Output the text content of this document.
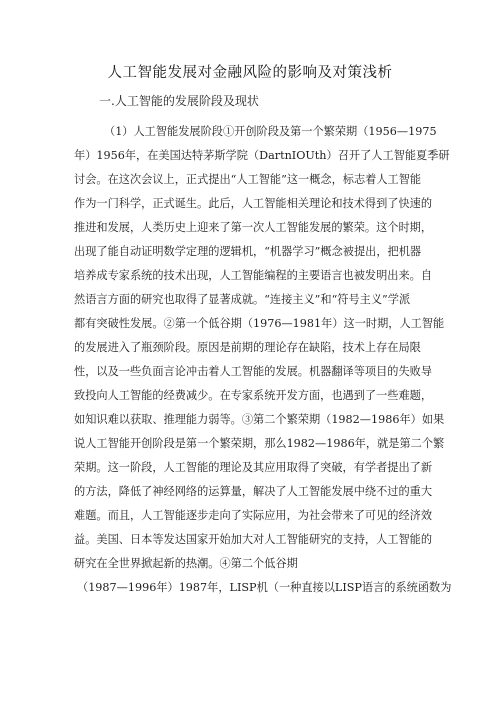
人工智能发展对金融风险的影响及对策浅析
一.人工智能的发展阶段及现状
（1）人工智能发展阶段①开创阶段及第一个繁荣期（1956—1975
年）1956年，在美国达特茅斯学院（DartnIOUth）召开了人工智能夏季研
讨会。在这次会议上，正式提出“人工智能”这一概念，标志着人工智能
作为一门科学，正式诞生。此后，人工智能相关理论和技术得到了快速的
推进和发展，人类历史上迎来了第一次人工智能发展的繁荣。这个时期，
出现了能自动证明数学定理的逻辑机，“机器学习”概念被提出，把机器
培养成专家系统的技术出现，人工智能编程的主要语言也被发明出来。自
然语言方面的研究也取得了显著成就。“连接主义”和“符号主义”学派
都有突破性发展。②第一个低谷期（1976—1981年）这一时期，人工智能
的发展进入了瓶颈阶段。原因是前期的理论存在缺陷，技术上存在局限
性，以及一些负面言论冲击着人工智能的发展。机器翻译等项目的失败导
致投向人工智能的经费减少。在专家系统开发方面，也遇到了一些难题，
如知识难以获取、推理能力弱等。③第二个繁荣期（1982—1986年）如果
说人工智能开创阶段是第一个繁荣期，那么1982—1986年，就是第二个繁
荣期。这一阶段，人工智能的理论及其应用取得了突破，有学者提出了新
的方法，降低了神经网络的运算量，解决了人工智能发展中绕不过的重大
难题。而且，人工智能逐步走向了实际应用，为社会带来了可见的经济效
益。美国、日本等发达国家开始加大对人工智能研究的支持，人工智能的
研究在全世界掀起新的热潮。④第二个低谷期
（1987—1996年）1987年，LISP机（一种直接以LISP语言的系统函数为
